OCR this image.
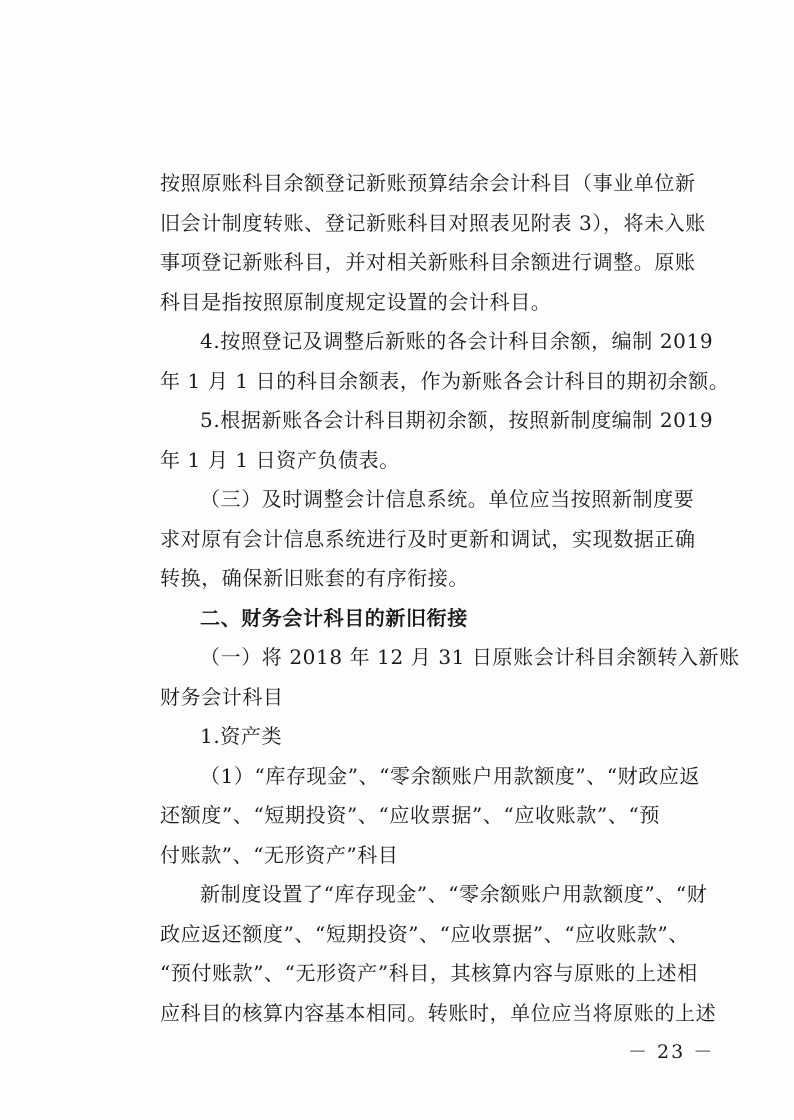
按照原账科目余额登记新账预算结余会计科目（事业单位新
旧会计制度转账、登记新账科目对照表见附表 3），将未入账
事项登记新账科目，并对相关新账科目余额进行调整。原账
科目是指按照原制度规定设置的会计科目。
4.按照登记及调整后新账的各会计科目余额，编制 2019
年 1 月 1 日的科目余额表，作为新账各会计科目的期初余额。
5.根据新账各会计科目期初余额，按照新制度编制 2019
年 1 月 1 日资产负债表。
（三）及时调整会计信息系统。单位应当按照新制度要
求对原有会计信息系统进行及时更新和调试，实现数据正确
转换，确保新旧账套的有序衔接。
二、财务会计科目的新旧衔接
（一）将 2018 年 12 月 31 日原账会计科目余额转入新账
财务会计科目
1.资产类
（1）“库存现金”、“零余额账户用款额度”、“财政应返
还额度”、“短期投资”、“应收票据”、“应收账款”、“预
付账款”、“无形资产”科目
新制度设置了“库存现金”、“零余额账户用款额度”、“财
政应返还额度”、“短期投资”、“应收票据”、“应收账款”、
“预付账款”、“无形资产”科目，其核算内容与原账的上述相
应科目的核算内容基本相同。转账时，单位应当将原账的上述
－ 23 －
